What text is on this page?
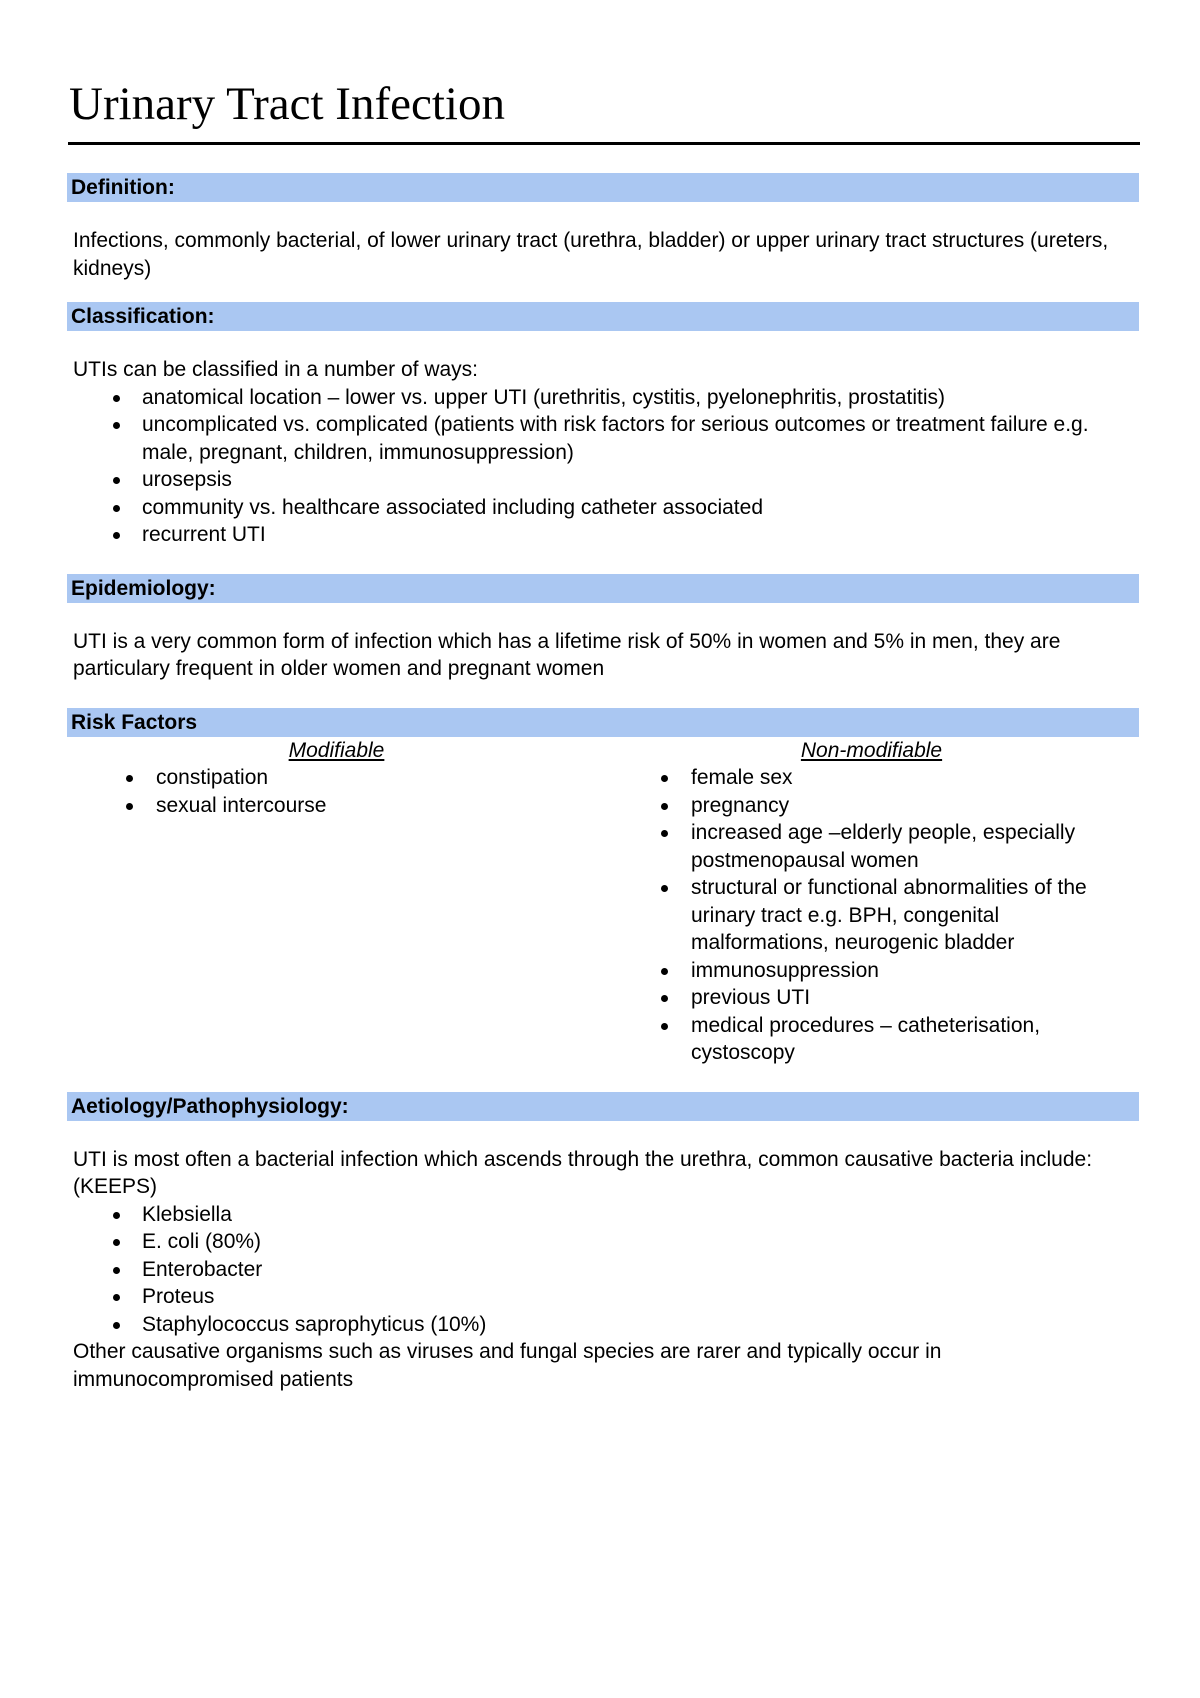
Urinary Tract Infection
Definition:
Infections, commonly bacterial, of lower urinary tract (urethra, bladder) or upper urinary tract structures (ureters, kidneys)
Classification:
UTIs can be classified in a number of ways:
anatomical location – lower vs. upper UTI (urethritis, cystitis, pyelonephritis, prostatitis)
uncomplicated vs. complicated (patients with risk factors for serious outcomes or treatment failure e.g. male, pregnant, children, immunosuppression)
urosepsis
community vs. healthcare associated including catheter associated
recurrent UTI
Epidemiology:
UTI is a very common form of infection which has a lifetime risk of 50% in women and 5% in men, they are particulary frequent in older women and pregnant women
Risk Factors
Modifiable
constipation
sexual intercourse
Non-modifiable
female sex
pregnancy
increased age –elderly people, especially postmenopausal women
structural or functional abnormalities of the urinary tract e.g. BPH, congenital malformations, neurogenic bladder
immunosuppression
previous UTI
medical procedures – catheterisation, cystoscopy
Aetiology/Pathophysiology:
UTI is most often a bacterial infection which ascends through the urethra, common causative bacteria include: (KEEPS)
Klebsiella
E. coli (80%)
Enterobacter
Proteus
Staphylococcus saprophyticus (10%)
Other causative organisms such as viruses and fungal species are rarer and typically occur in immunocompromised patients
